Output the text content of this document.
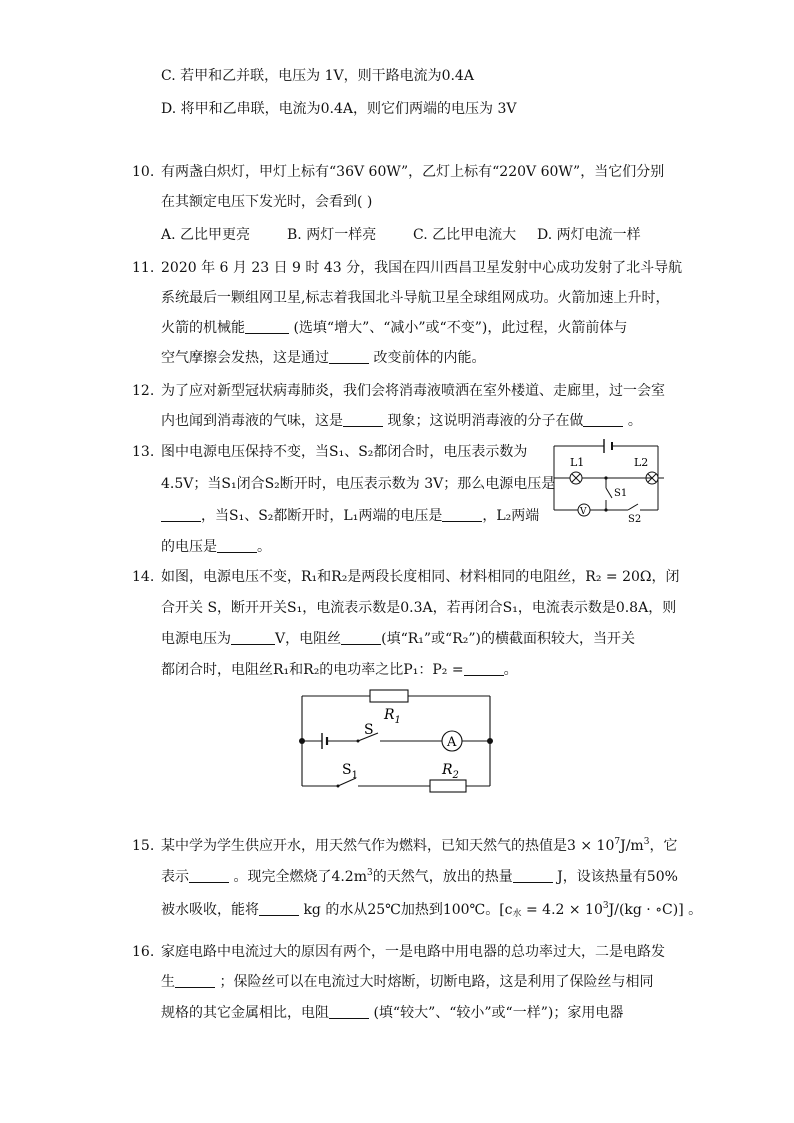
C. 若甲和乙并联，电压为 1V，则干路电流为0.4A
D. 将甲和乙串联，电流为0.4A，则它们两端的电压为 3V
10. 有两盏白炽灯，甲灯上标有“36V 60W”，乙灯上标有“220V 60W”，当它们分别
在其额定电压下发光时，会看到( )
A. 乙比甲更亮	B. 两灯一样亮	C. 乙比甲电流大 D. 两灯电流一样
11. 2020 年 6 月 23 日 9 时 43 分，我国在四川西昌卫星发射中心成功发射了北斗导航
系统最后一颗组网卫星,标志着我国北斗导航卫星全球组网成功。火箭加速上升时，
火箭的机械能	(选填“增大”、“减小”或“不变”)，此过程，火箭前体与
空气摩擦会发热，这是通过	改变前体的内能。
12. 为了应对新型冠状病毒肺炎，我们会将消毒液喷洒在室外楼道、走廊里，过一会室
内也闻到消毒液的气味，这是	现象；这说明消毒液的分子在做	。
13. 图中电源电压保持不变，当S₁、S₂都闭合时，电压表示数为
4.5V；当S₁闭合S₂断开时，电压表示数为 3V；那么电源电压是
，当S₁、S₂都断开时，L₁两端的电压是	，L₂两端
的电压是	。
L1	L2
S1
V
S2
14. 如图，电源电压不变，R₁和R₂是两段长度相同、材料相同的电阻丝，R₂ = 20Ω，闭
合开关 S，断开开关S₁，电流表示数是0.3A，若再闭合S₁，电流表示数是0.8A，则
电源电压为	V，电阻丝	(填“R₁”或“R₂”)的横截面积较大，当开关
都闭合时，电阻丝R₁和R₂的电功率之比P₁：P₂ =	。
$R_1$
S
A
$S_1$	$R_2$
15. 某中学为学生供应开水，用天然气作为燃料，已知天然气的热值是$3 \times 10^7J/m^3$，它
表示	。现完全燃烧了$4.2m^3$的天然气，放出的热量	J，设该热量有50%
被水吸收，能将	kg 的水从25℃加热到100℃。[$c_水 = 4.2 \times 10^3J/(kg$ · ∘C)] 。
16. 家庭电路中电流过大的原因有两个，一是电路中用电器的总功率过大，二是电路发
生	；保险丝可以在电流过大时熔断，切断电路，这是利用了保险丝与相同
规格的其它金属相比，电阻	(填“较大”、“较小”或“一样”)；家用电器
